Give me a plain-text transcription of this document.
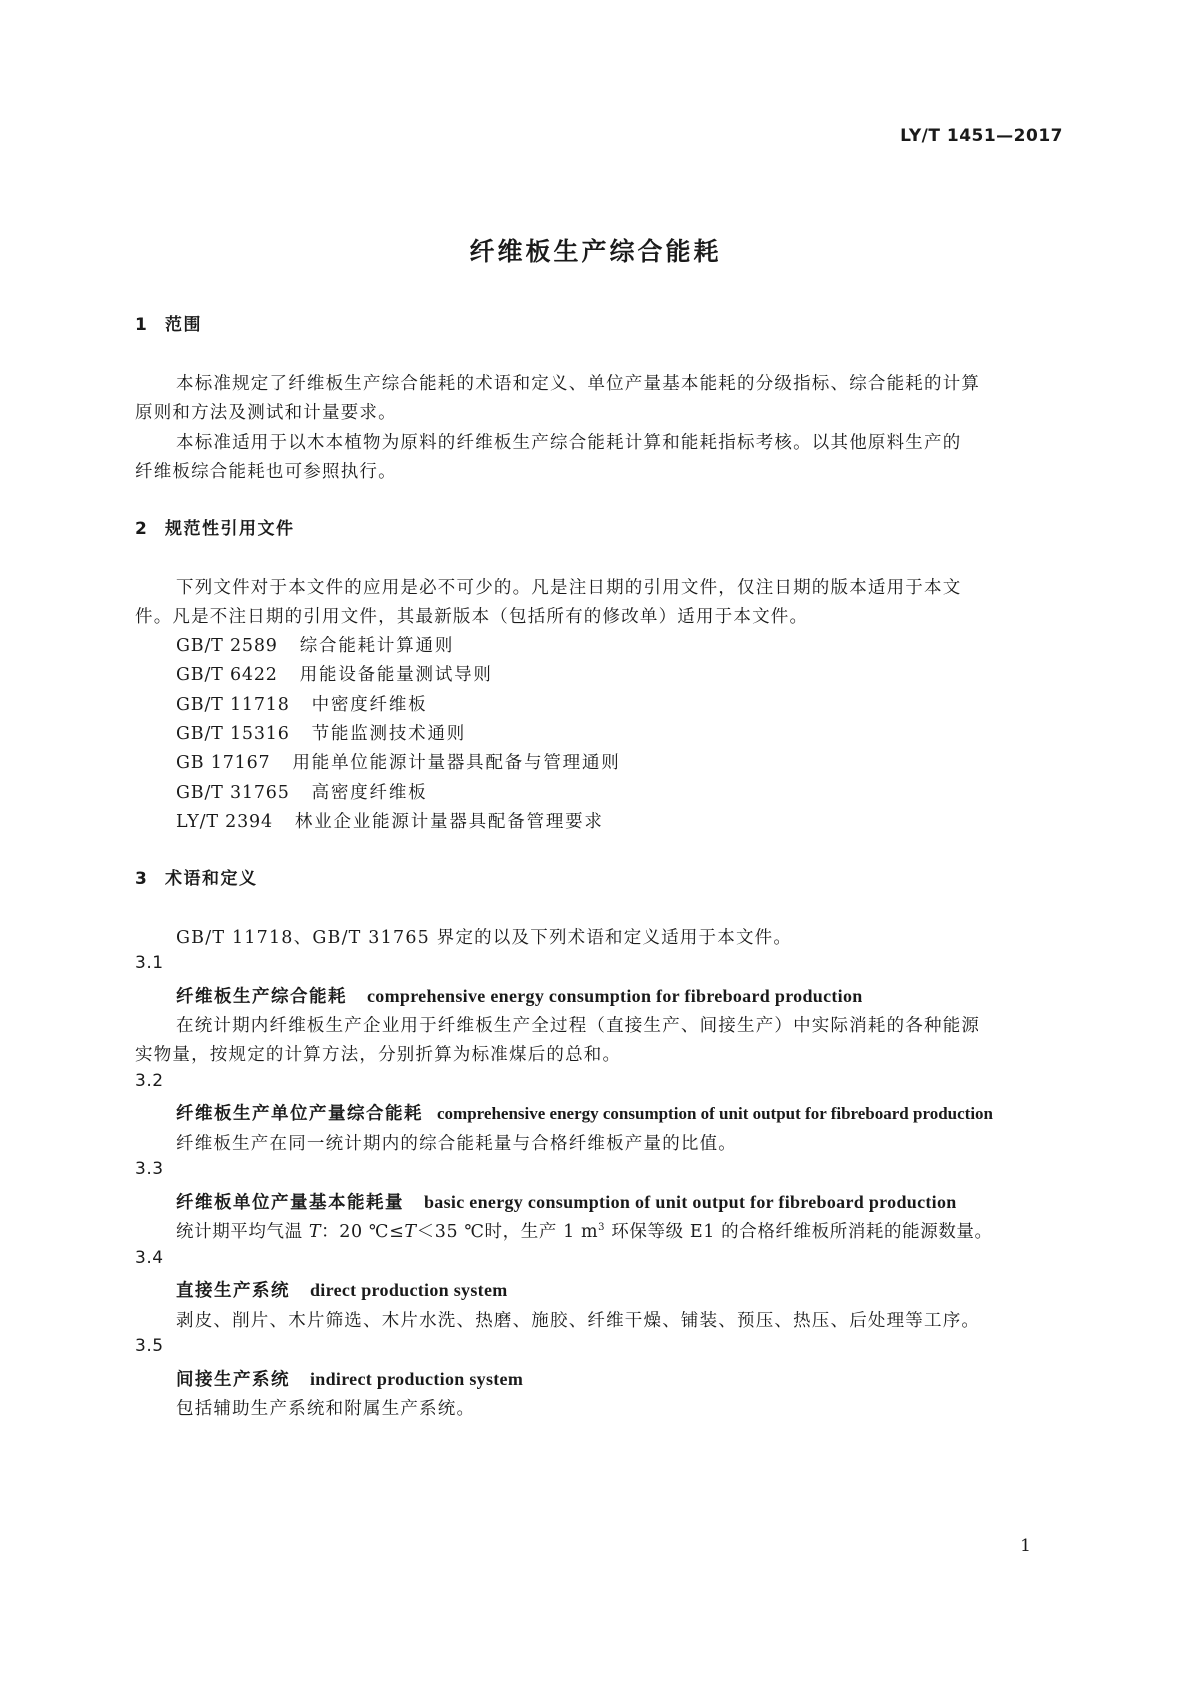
LY/T 1451—2017
纤维板生产综合能耗
1 范围
本标准规定了纤维板生产综合能耗的术语和定义、单位产量基本能耗的分级指标、综合能耗的计算
原则和方法及测试和计量要求。
本标准适用于以木本植物为原料的纤维板生产综合能耗计算和能耗指标考核。以其他原料生产的
纤维板综合能耗也可参照执行。
2 规范性引用文件
下列文件对于本文件的应用是必不可少的。凡是注日期的引用文件，仅注日期的版本适用于本文
件。凡是不注日期的引用文件，其最新版本（包括所有的修改单）适用于本文件。
GB/T 2589 综合能耗计算通则
GB/T 6422 用能设备能量测试导则
GB/T 11718 中密度纤维板
GB/T 15316 节能监测技术通则
GB 17167 用能单位能源计量器具配备与管理通则
GB/T 31765 高密度纤维板
LY/T 2394 林业企业能源计量器具配备管理要求
3 术语和定义
GB/T 11718、GB/T 31765 界定的以及下列术语和定义适用于本文件。
3.1
纤维板生产综合能耗 comprehensive energy consumption for fibreboard production
在统计期内纤维板生产企业用于纤维板生产全过程（直接生产、间接生产）中实际消耗的各种能源
实物量，按规定的计算方法，分别折算为标准煤后的总和。
3.2
纤维板生产单位产量综合能耗 comprehensive energy consumption of unit output for fibreboard production
纤维板生产在同一统计期内的综合能耗量与合格纤维板产量的比值。
3.3
纤维板单位产量基本能耗量 basic energy consumption of unit output for fibreboard production
统计期平均气温 T：20 ℃≤T＜35 ℃时，生产 1 $m^3$ 环保等级 E1 的合格纤维板所消耗的能源数量。
3.4
直接生产系统 direct production system
剥皮、削片、木片筛选、木片水洗、热磨、施胶、纤维干燥、铺装、预压、热压、后处理等工序。
3.5
间接生产系统 indirect production system
包括辅助生产系统和附属生产系统。
1
